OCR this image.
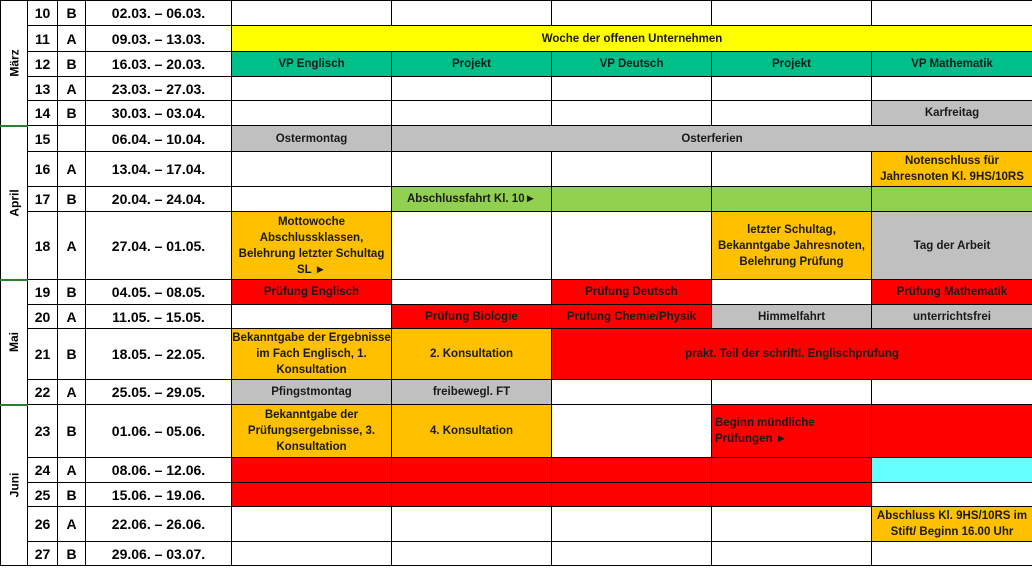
März	10	B	02.03. – 06.03.					
	11	A	09.03. – 13.03.	Woche der offenen Unternehmen				
	12	B	16.03. – 20.03.	VP Englisch	Projekt	VP Deutsch	Projekt	VP Mathematik
	13	A	23.03. – 27.03.					
	14	B	30.03. – 03.04.					Karfreitag
April	15		06.04. – 10.04.	Ostermontag	Osterferien			
	16	A	13.04. – 17.04.					Notenschluss für Jahresnoten Kl. 9HS/10RS
	17	B	20.04. – 24.04.		Abschlussfahrt Kl. 10►			
	18	A	27.04. – 01.05.	Mottowoche Abschlussklassen, Belehrung letzter Schultag SL ►			letzter Schultag, Bekanntgabe Jahresnoten, Belehrung Prüfung	Tag der Arbeit
Mai	19	B	04.05. – 08.05.	Prüfung Englisch		Prüfung Deutsch		Prüfung Mathematik
	20	A	11.05. – 15.05.		Prüfung Biologie	Prüfung Chemie/Physik	Himmelfahrt	unterrichtsfrei
	21	B	18.05. – 22.05.	Bekanntgabe der Ergebnisse im Fach Englisch, 1. Konsultation	2. Konsultation	prakt. Teil der schriftl. Englischprüfung		
	22	A	25.05. – 29.05.	Pfingstmontag	freibewegl. FT			
Juni	23	B	01.06. – 05.06.	Bekanntgabe der Prüfungsergebnisse, 3. Konsultation	4. Konsultation		Beginn mündliche Prüfungen ►	
	24	A	08.06. – 12.06.					
	25	B	15.06. – 19.06.					
	26	A	22.06. – 26.06.					Abschluss Kl. 9HS/10RS im Stift/ Beginn 16.00 Uhr
	27	B	29.06. – 03.07.					
